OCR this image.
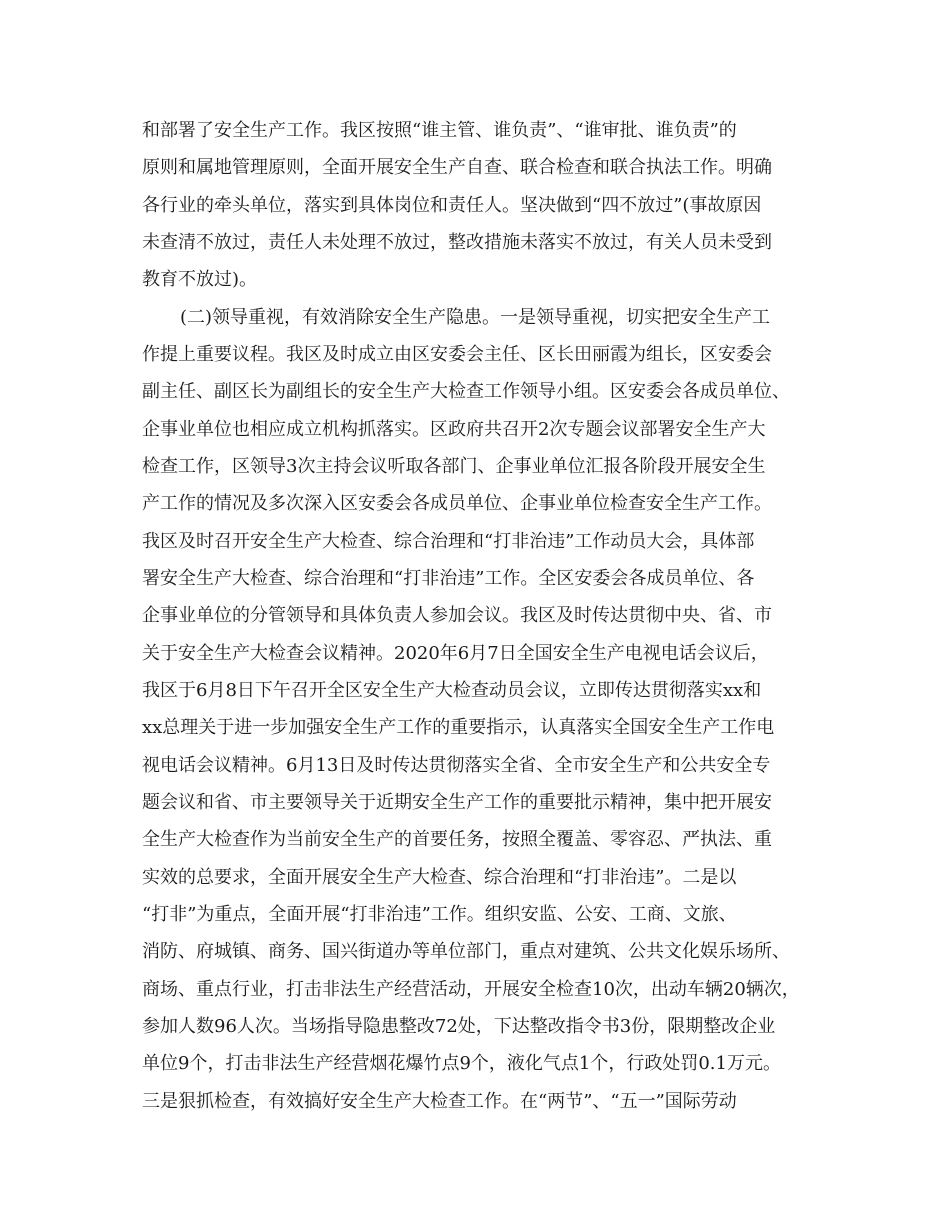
和部署了安全生产工作。我区按照“谁主管、谁负责”、“谁审批、谁负责”的
原则和属地管理原则，全面开展安全生产自查、联合检查和联合执法工作。明确
各行业的牵头单位，落实到具体岗位和责任人。坚决做到“四不放过”(事故原因
未查清不放过，责任人未处理不放过，整改措施未落实不放过，有关人员未受到
教育不放过)。
(二)领导重视，有效消除安全生产隐患。一是领导重视，切实把安全生产工
作提上重要议程。我区及时成立由区安委会主任、区长田丽霞为组长，区安委会
副主任、副区长为副组长的安全生产大检查工作领导小组。区安委会各成员单位、
企事业单位也相应成立机构抓落实。区政府共召开2次专题会议部署安全生产大
检查工作，区领导3次主持会议听取各部门、企事业单位汇报各阶段开展安全生
产工作的情况及多次深入区安委会各成员单位、企事业单位检查安全生产工作。
我区及时召开安全生产大检查、综合治理和“打非治违”工作动员大会，具体部
署安全生产大检查、综合治理和“打非治违”工作。全区安委会各成员单位、各
企事业单位的分管领导和具体负责人参加会议。我区及时传达贯彻中央、省、市
关于安全生产大检查会议精神。2020年6月7日全国安全生产电视电话会议后，
我区于6月8日下午召开全区安全生产大检查动员会议，立即传达贯彻落实xx和
xx总理关于进一步加强安全生产工作的重要指示，认真落实全国安全生产工作电
视电话会议精神。6月13日及时传达贯彻落实全省、全市安全生产和公共安全专
题会议和省、市主要领导关于近期安全生产工作的重要批示精神，集中把开展安
全生产大检查作为当前安全生产的首要任务，按照全覆盖、零容忍、严执法、重
实效的总要求，全面开展安全生产大检查、综合治理和“打非治违”。二是以
“打非”为重点，全面开展“打非治违”工作。组织安监、公安、工商、文旅、
消防、府城镇、商务、国兴街道办等单位部门，重点对建筑、公共文化娱乐场所、
商场、重点行业，打击非法生产经营活动，开展安全检查10次，出动车辆20辆次，
参加人数96人次。当场指导隐患整改72处，下达整改指令书3份，限期整改企业
单位9个，打击非法生产经营烟花爆竹点9个，液化气点1个，行政处罚0.1万元。
三是狠抓检查，有效搞好安全生产大检查工作。在“两节”、“五一”国际劳动
